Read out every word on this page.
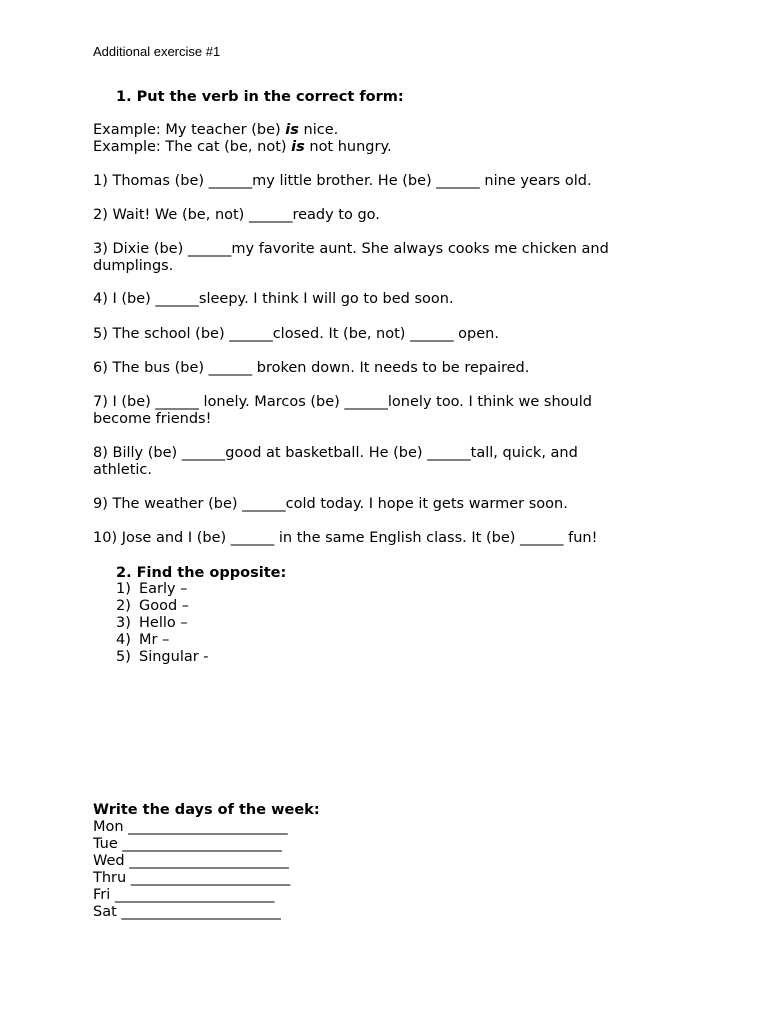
Additional exercise #1
1. Put the verb in the correct form:
Example: My teacher (be) is nice.
Example: The cat (be, not) is not hungry.
1) Thomas (be) ______my little brother. He (be) ______ nine years old.
2) Wait! We (be, not) ______ready to go.
3) Dixie (be) ______my favorite aunt. She always cooks me chicken and
dumplings.
4) I (be) ______sleepy. I think I will go to bed soon.
5) The school (be) ______closed. It (be, not) ______ open.
6) The bus (be) ______ broken down. It needs to be repaired.
7) I (be) ______ lonely. Marcos (be) ______lonely too. I think we should
become friends!
8) Billy (be) ______good at basketball. He (be) ______tall, quick, and
athletic.
9) The weather (be) ______cold today. I hope it gets warmer soon.
10) Jose and I (be) ______ in the same English class. It (be) ______ fun!
2. Find the opposite:
1) Early –
2) Good –
3) Hello –
4) Mr –
5) Singular -
Write the days of the week:
Mon ______________________
Tue ______________________
Wed ______________________
Thru ______________________
Fri ______________________
Sat ______________________
